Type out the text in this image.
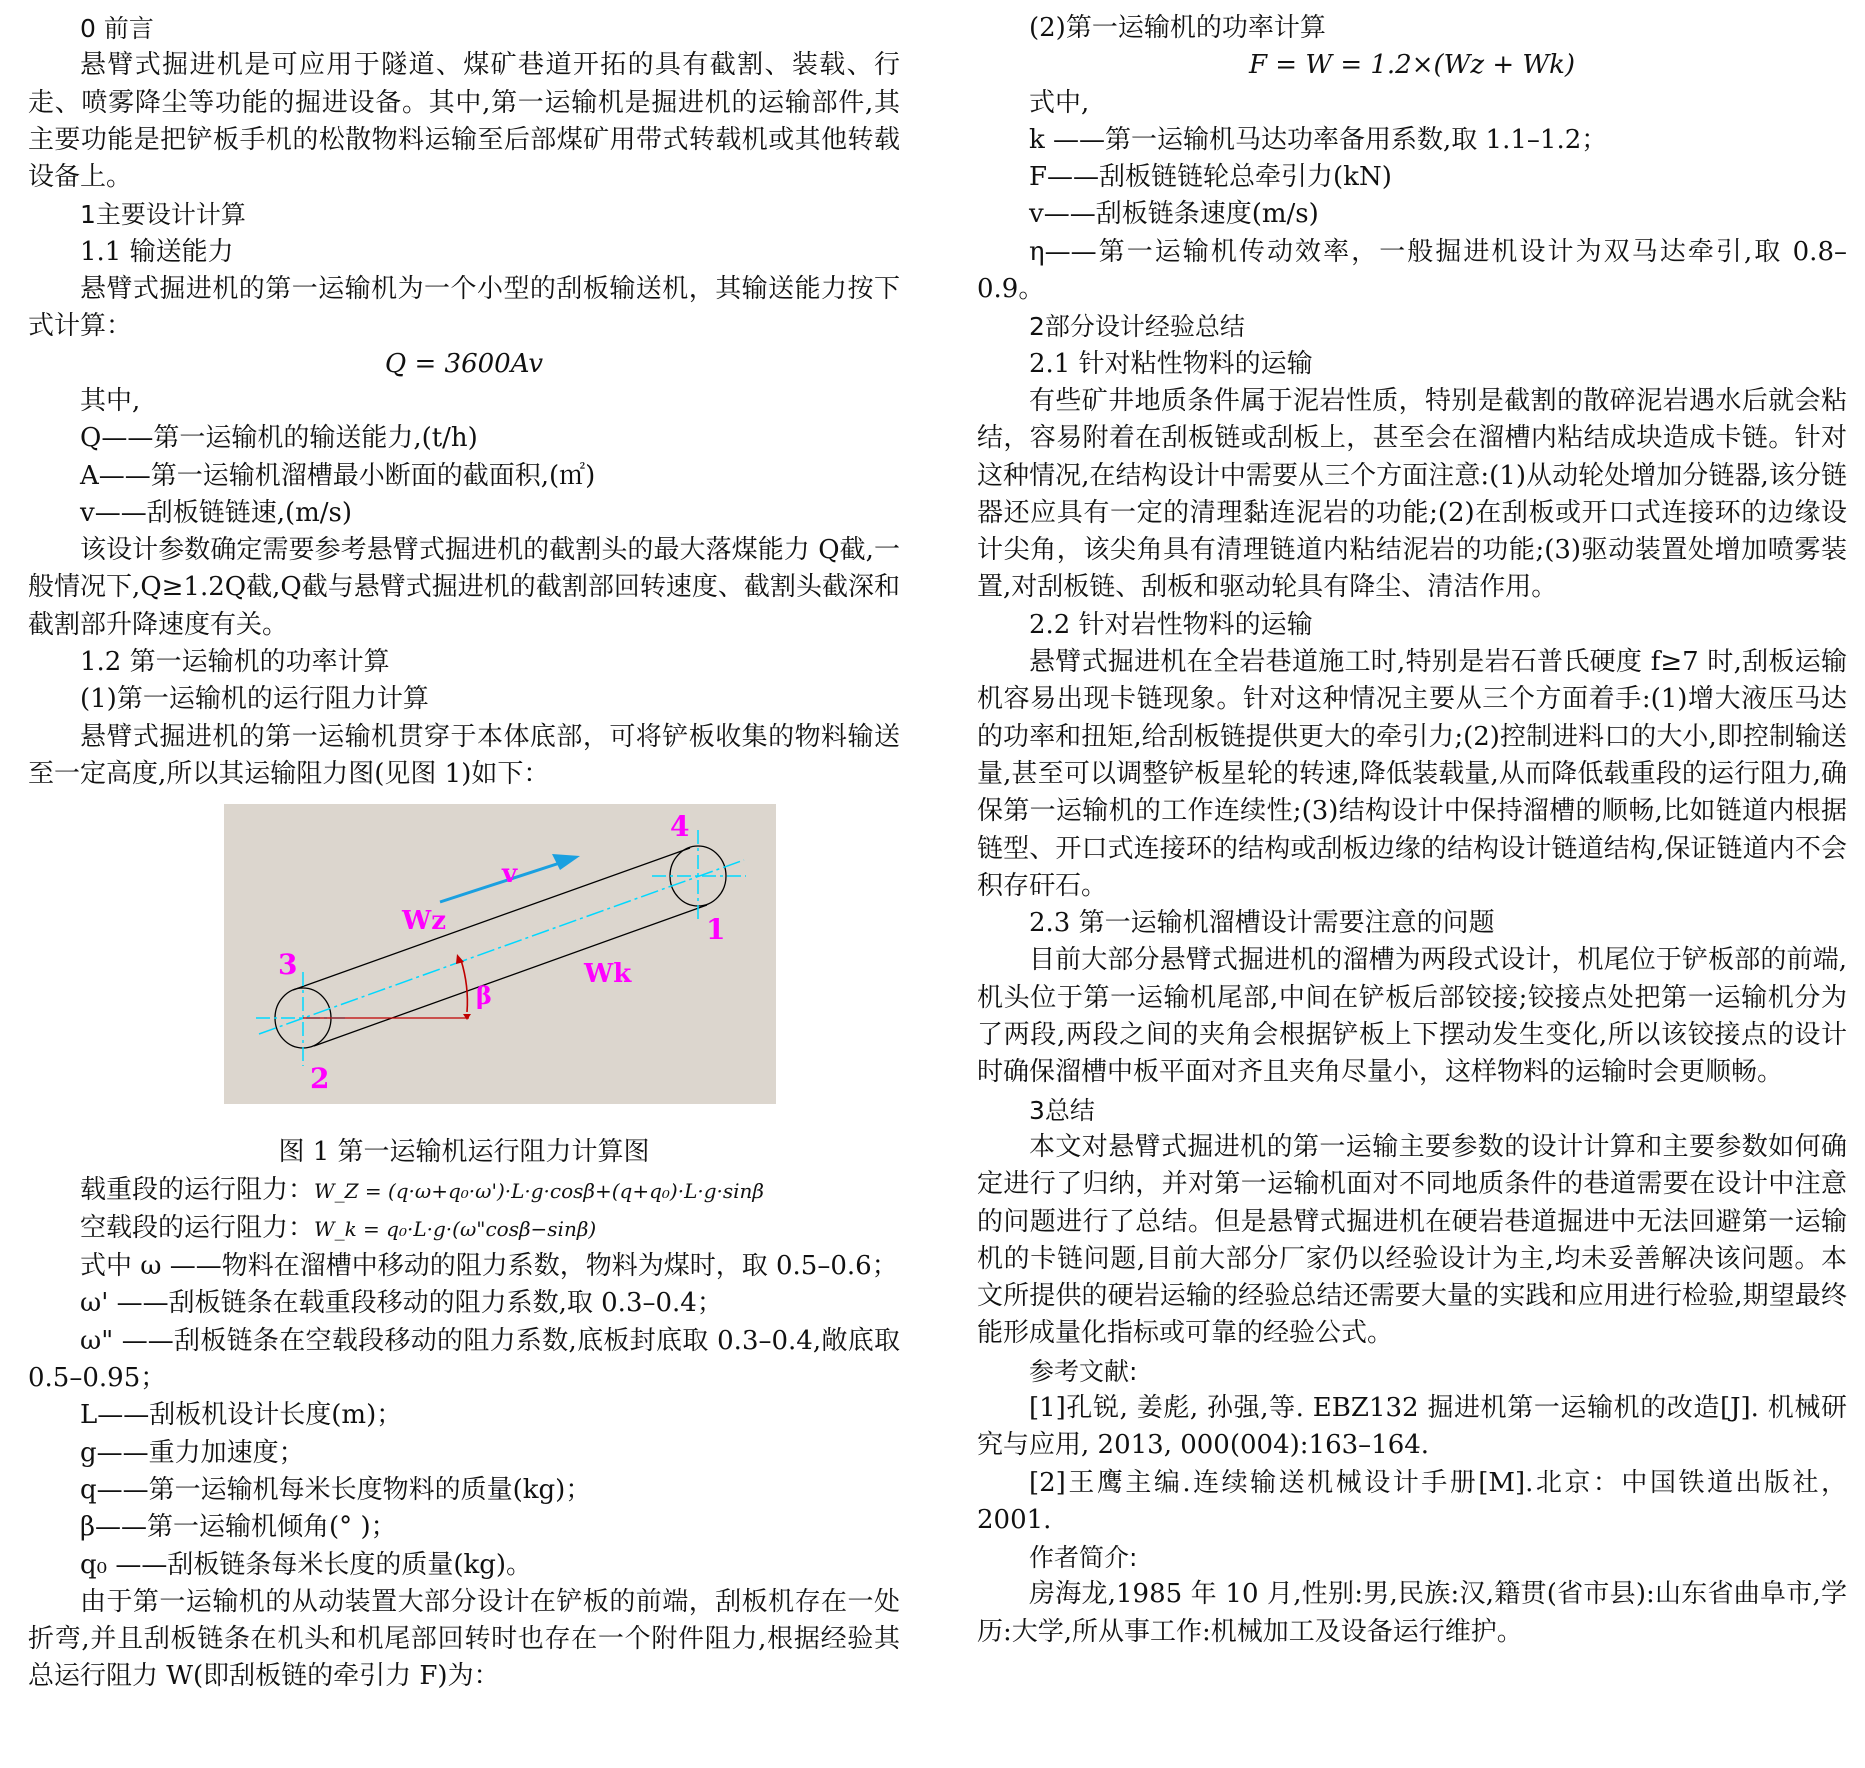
0 前言

悬臂式掘进机是可应用于隧道、煤矿巷道开拓的具有截割、装载、行走、喷雾降尘等功能的掘进设备。其中,第一运输机是掘进机的运输部件,其主要功能是把铲板手机的松散物料运输至后部煤矿用带式转载机或其他转载设备上。

1主要设计计算

1.1 输送能力

悬臂式掘进机的第一运输机为一个小型的刮板输送机，其输送能力按下式计算：

Q = 3600Av

其中,

Q——第一运输机的输送能力,(t/h)

A——第一运输机溜槽最小断面的截面积,(㎡)

v——刮板链链速,(m/s)

该设计参数确定需要参考悬臂式掘进机的截割头的最大落煤能力 Q截,一般情况下,Q≥1.2Q截,Q截与悬臂式掘进机的截割部回转速度、截割头截深和截割部升降速度有关。

1.2 第一运输机的功率计算

(1)第一运输机的运行阻力计算

悬臂式掘进机的第一运输机贯穿于本体底部，可将铲板收集的物料输送至一定高度,所以其运输阻力图(见图 1)如下：

v
Wz
Wk
β
1
2
3
4

图 1 第一运输机运行阻力计算图

载重段的运行阻力：W_Z = (q·ω+q₀·ω')·L·g·cosβ+(q+q₀)·L·g·sinβ

空载段的运行阻力：W_k = q₀·L·g·(ω"cosβ−sinβ)

式中 ω ——物料在溜槽中移动的阻力系数，物料为煤时，取 0.5–0.6；

ω' ——刮板链条在载重段移动的阻力系数,取 0.3–0.4；

ω" ——刮板链条在空载段移动的阻力系数,底板封底取 0.3–0.4,敞底取 0.5–0.95；

L——刮板机设计长度(m)；

g——重力加速度；

q——第一运输机每米长度物料的质量(kg)；

β——第一运输机倾角(° )；

q₀ ——刮板链条每米长度的质量(kg)。

由于第一运输机的从动装置大部分设计在铲板的前端，刮板机存在一处折弯,并且刮板链条在机头和机尾部回转时也存在一个附件阻力,根据经验其总运行阻力 W(即刮板链的牵引力 F)为：

(2)第一运输机的功率计算

F = W = 1.2×(Wz + Wk)

式中,

k ——第一运输机马达功率备用系数,取 1.1–1.2；

F——刮板链链轮总牵引力(kN)

v——刮板链条速度(m/s)

η——第一运输机传动效率，一般掘进机设计为双马达牵引,取 0.8–0.9。

2部分设计经验总结

2.1 针对粘性物料的运输

有些矿井地质条件属于泥岩性质，特别是截割的散碎泥岩遇水后就会粘结，容易附着在刮板链或刮板上，甚至会在溜槽内粘结成块造成卡链。针对这种情况,在结构设计中需要从三个方面注意:(1)从动轮处增加分链器,该分链器还应具有一定的清理黏连泥岩的功能;(2)在刮板或开口式连接环的边缘设计尖角，该尖角具有清理链道内粘结泥岩的功能;(3)驱动装置处增加喷雾装置,对刮板链、刮板和驱动轮具有降尘、清洁作用。

2.2 针对岩性物料的运输

悬臂式掘进机在全岩巷道施工时,特别是岩石普氏硬度 f≥7 时,刮板运输机容易出现卡链现象。针对这种情况主要从三个方面着手:(1)增大液压马达的功率和扭矩,给刮板链提供更大的牵引力;(2)控制进料口的大小,即控制输送量,甚至可以调整铲板星轮的转速,降低装载量,从而降低载重段的运行阻力,确保第一运输机的工作连续性;(3)结构设计中保持溜槽的顺畅,比如链道内根据链型、开口式连接环的结构或刮板边缘的结构设计链道结构,保证链道内不会积存矸石。

2.3 第一运输机溜槽设计需要注意的问题

目前大部分悬臂式掘进机的溜槽为两段式设计，机尾位于铲板部的前端,机头位于第一运输机尾部,中间在铲板后部铰接;铰接点处把第一运输机分为了两段,两段之间的夹角会根据铲板上下摆动发生变化,所以该铰接点的设计时确保溜槽中板平面对齐且夹角尽量小，这样物料的运输时会更顺畅。

3总结

本文对悬臂式掘进机的第一运输主要参数的设计计算和主要参数如何确定进行了归纳，并对第一运输机面对不同地质条件的巷道需要在设计中注意的问题进行了总结。但是悬臂式掘进机在硬岩巷道掘进中无法回避第一运输机的卡链问题,目前大部分厂家仍以经验设计为主,均未妥善解决该问题。本文所提供的硬岩运输的经验总结还需要大量的实践和应用进行检验,期望最终能形成量化指标或可靠的经验公式。

参考文献:

[1]孔锐, 姜彪, 孙强,等. EBZ132 掘进机第一运输机的改造[J]. 机械研究与应用, 2013, 000(004):163–164.

[2]王鹰主编.连续输送机械设计手册[M].北京：中国铁道出版社，2001.

作者简介:

房海龙,1985 年 10 月,性别:男,民族:汉,籍贯(省市县):山东省曲阜市,学历:大学,所从事工作:机械加工及设备运行维护。
